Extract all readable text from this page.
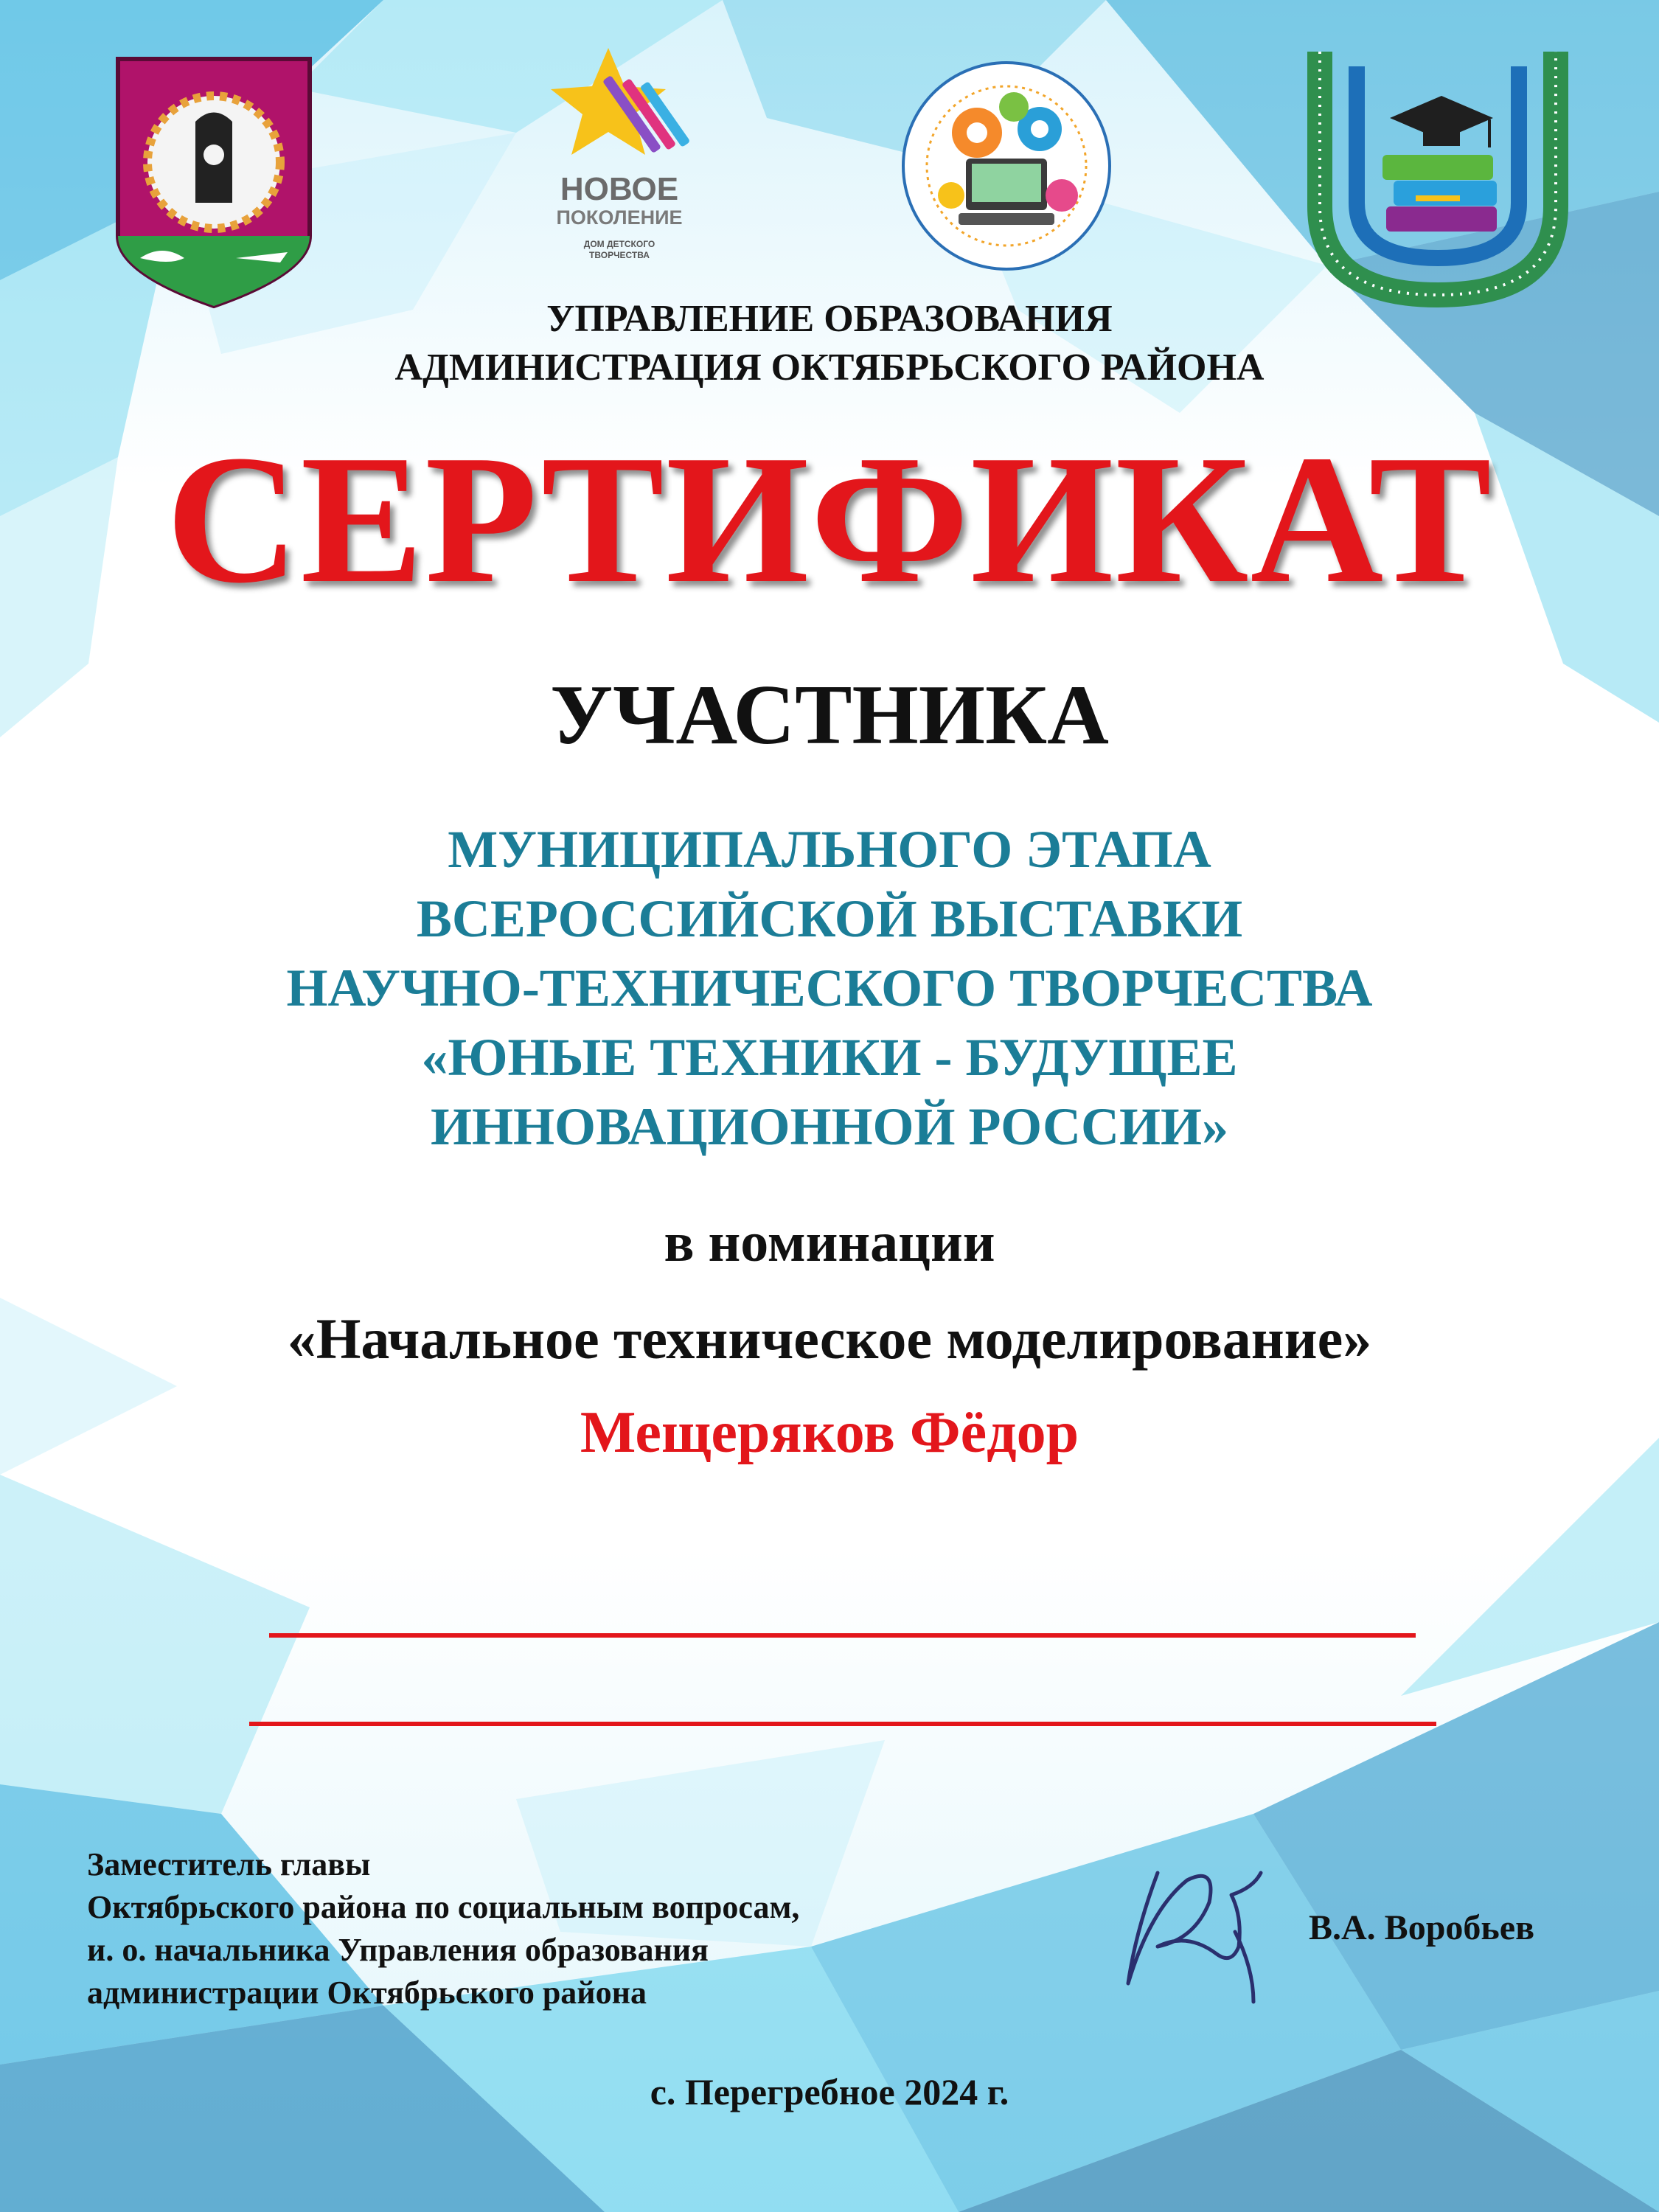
НОВОЕ
ПОКОЛЕНИЕ
ДОМ ДЕТСКОГО
ТВОРЧЕСТВА
УПРАВЛЕНИЕ ОБРАЗОВАНИЯ
АДМИНИСТРАЦИЯ ОКТЯБРЬСКОГО РАЙОНА
СЕРТИФИКАТ
УЧАСТНИКА
МУНИЦИПАЛЬНОГО ЭТАПА
ВСЕРОССИЙСКОЙ ВЫСТАВКИ
НАУЧНО-ТЕХНИЧЕСКОГО ТВОРЧЕСТВА
«ЮНЫЕ ТЕХНИКИ - БУДУЩЕЕ
ИННОВАЦИОННОЙ РОССИИ»
в номинации
«Начальное техническое моделирование»
Мещеряков Фёдор
Заместитель главы
Октябрьского района по социальным вопросам,
и. о. начальника Управления образования
администрации Октябрьского района
В.А. Воробьев
с. Перегребное 2024 г.
